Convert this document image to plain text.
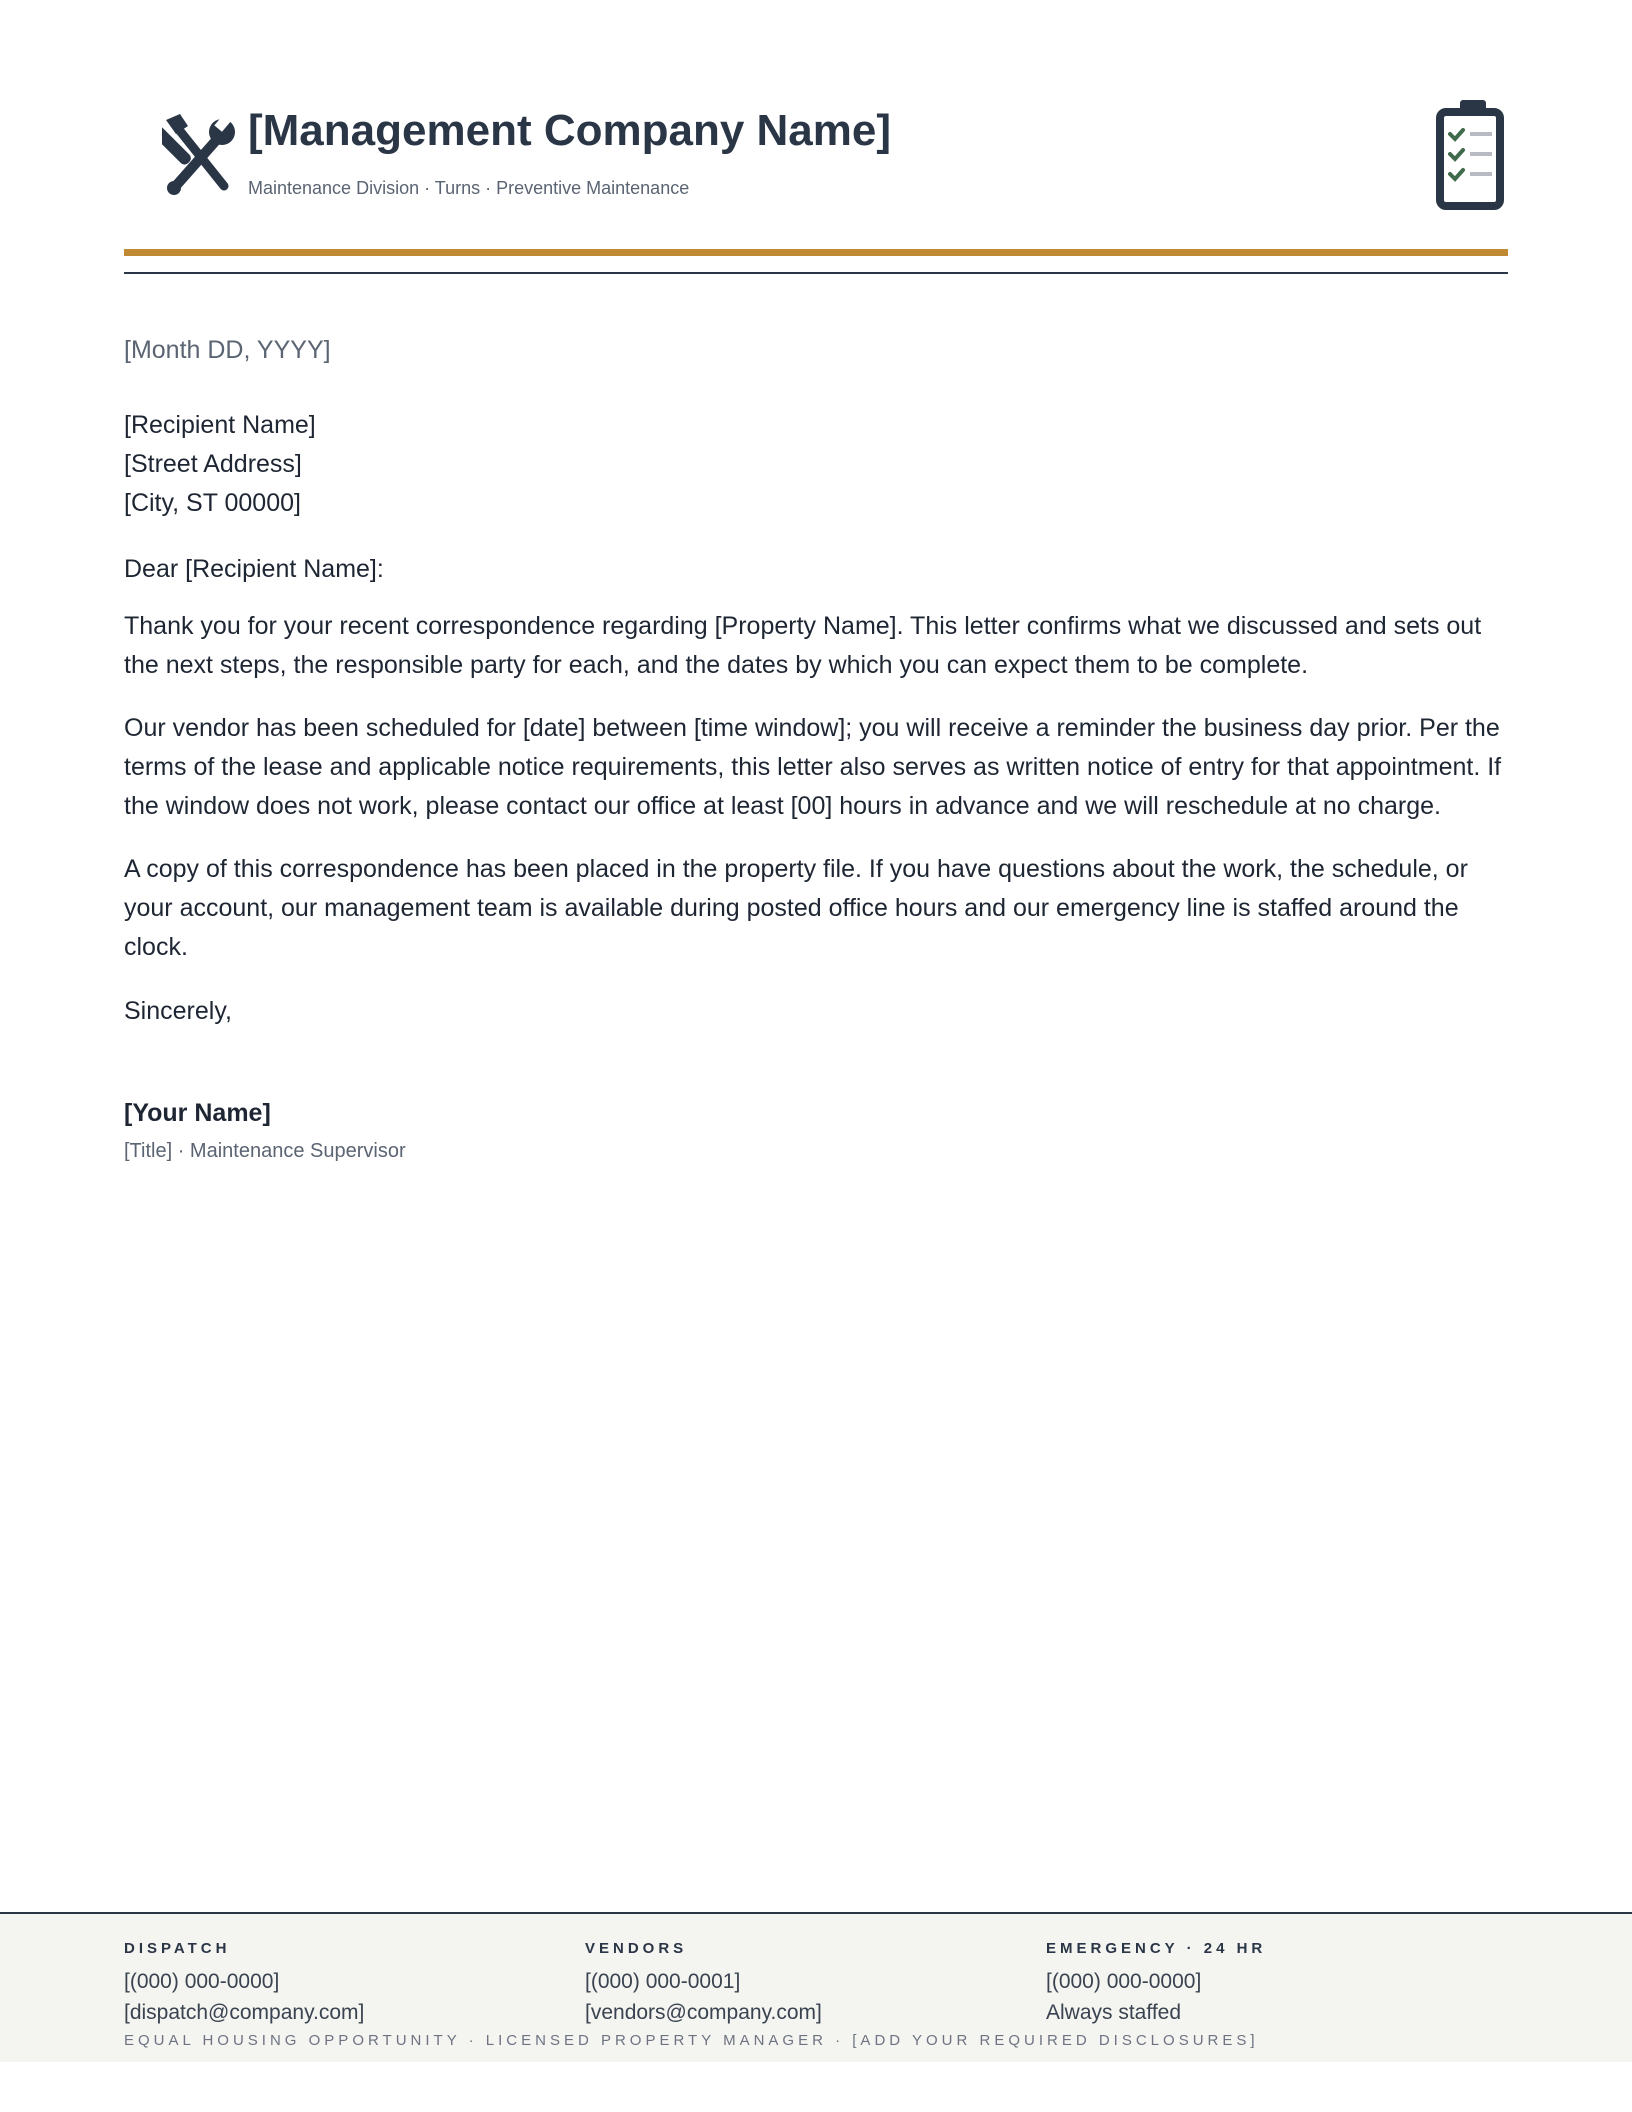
[Management Company Name]
Maintenance Division · Turns · Preventive Maintenance
[Month DD, YYYY]
[Recipient Name]
[Street Address]
[City, ST 00000]

Dear [Recipient Name]:

Thank you for your recent correspondence regarding [Property Name]. This letter confirms what we discussed and sets out the next steps, the responsible party for each, and the dates by which you can expect them to be complete.

Our vendor has been scheduled for [date] between [time window]; you will receive a reminder the business day prior. Per the terms of the lease and applicable notice requirements, this letter also serves as written notice of entry for that appointment. If the window does not work, please contact our office at least [00] hours in advance and we will reschedule at no charge.

A copy of this correspondence has been placed in the property file. If you have questions about the work, the schedule, or your account, our management team is available during posted office hours and our emergency line is staffed around the clock.

Sincerely,

[Your Name]
[Title] · Maintenance Supervisor
DISPATCH
[(000) 000-0000]
[dispatch@company.com]
VENDORS
[(000) 000-0001]
[vendors@company.com]
EMERGENCY · 24 HR
[(000) 000-0000]
Always staffed
EQUAL HOUSING OPPORTUNITY · LICENSED PROPERTY MANAGER · [ADD YOUR REQUIRED DISCLOSURES]
